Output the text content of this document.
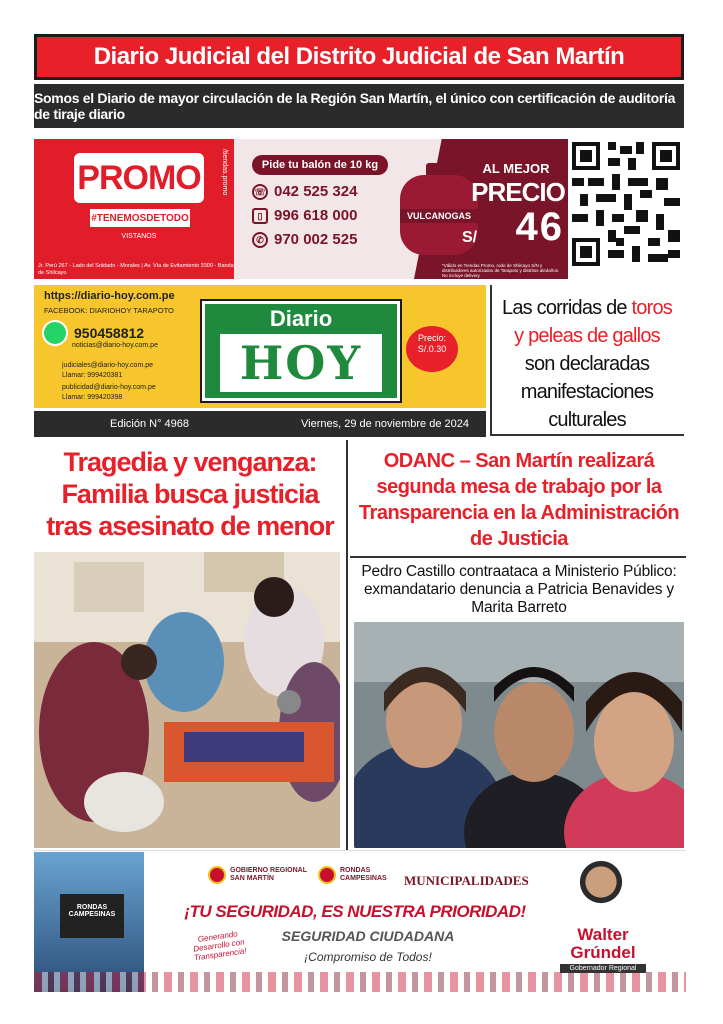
Diario Judicial del Distrito Judicial de San Martín
Somos el Diario de mayor circulación de la Región San Martín, el único con certificación de auditoría de tiraje diario
PROMO
#TENEMOSDETODO
VISTANOS
Jr. Perú 267 - Lado del Soldado - Morales | Av. Vía de Evitamiento 3300 - Banda de Shilcayo
/tiendas.promo	Pide tu balón de 10 kg
☏ 042 525 324
▯ 996 618 000
✆ 970 002 525
VULCANOGAS
AL MEJOR
PRECIO
S/ 46
*Válido en Tiendas Promo, rodo de Shilcayo S/N y distribuidores autorizados de Tarapoto y distritos aledaños. No incluye delivery.
https://diario-hoy.com.pe
FACEBOOK: DIARIOHOY TARAPOTO
950458812
noticias@diario-hoy.com.pe
judiciales@diario-hoy.com.pe
Llamar: 999420381
publicidad@diario-hoy.com.pe
Llamar: 999420398
Diario
HOY	Precio:
S/.0.30
Las corridas de toros
y peleas de gallos
son declaradas
manifestaciones culturales
Edición N° 4968	Viernes, 29 de noviembre de 2024
Tragedia y venganza: Familia busca justicia tras asesinato de menor
ODANC – San Martín realizará segunda mesa de trabajo por la Transparencia en la Administración de Justicia
Pedro Castillo contraataca a Ministerio Público: exmandatario denuncia a Patricia Benavides y Marita Barreto
RONDAS CAMPESINAS
GOBIERNO REGIONAL
SAN MARTÍN
RONDAS
CAMPESINAS MUNICIPALIDADES
¡TU SEGURIDAD, ES NUESTRA PRIORIDAD!
Generando Desarrollo con Transparencia!
SEGURIDAD CIUDADANA
¡Compromiso de Todos!
Walter
Grúndel
Gobernador Regional
